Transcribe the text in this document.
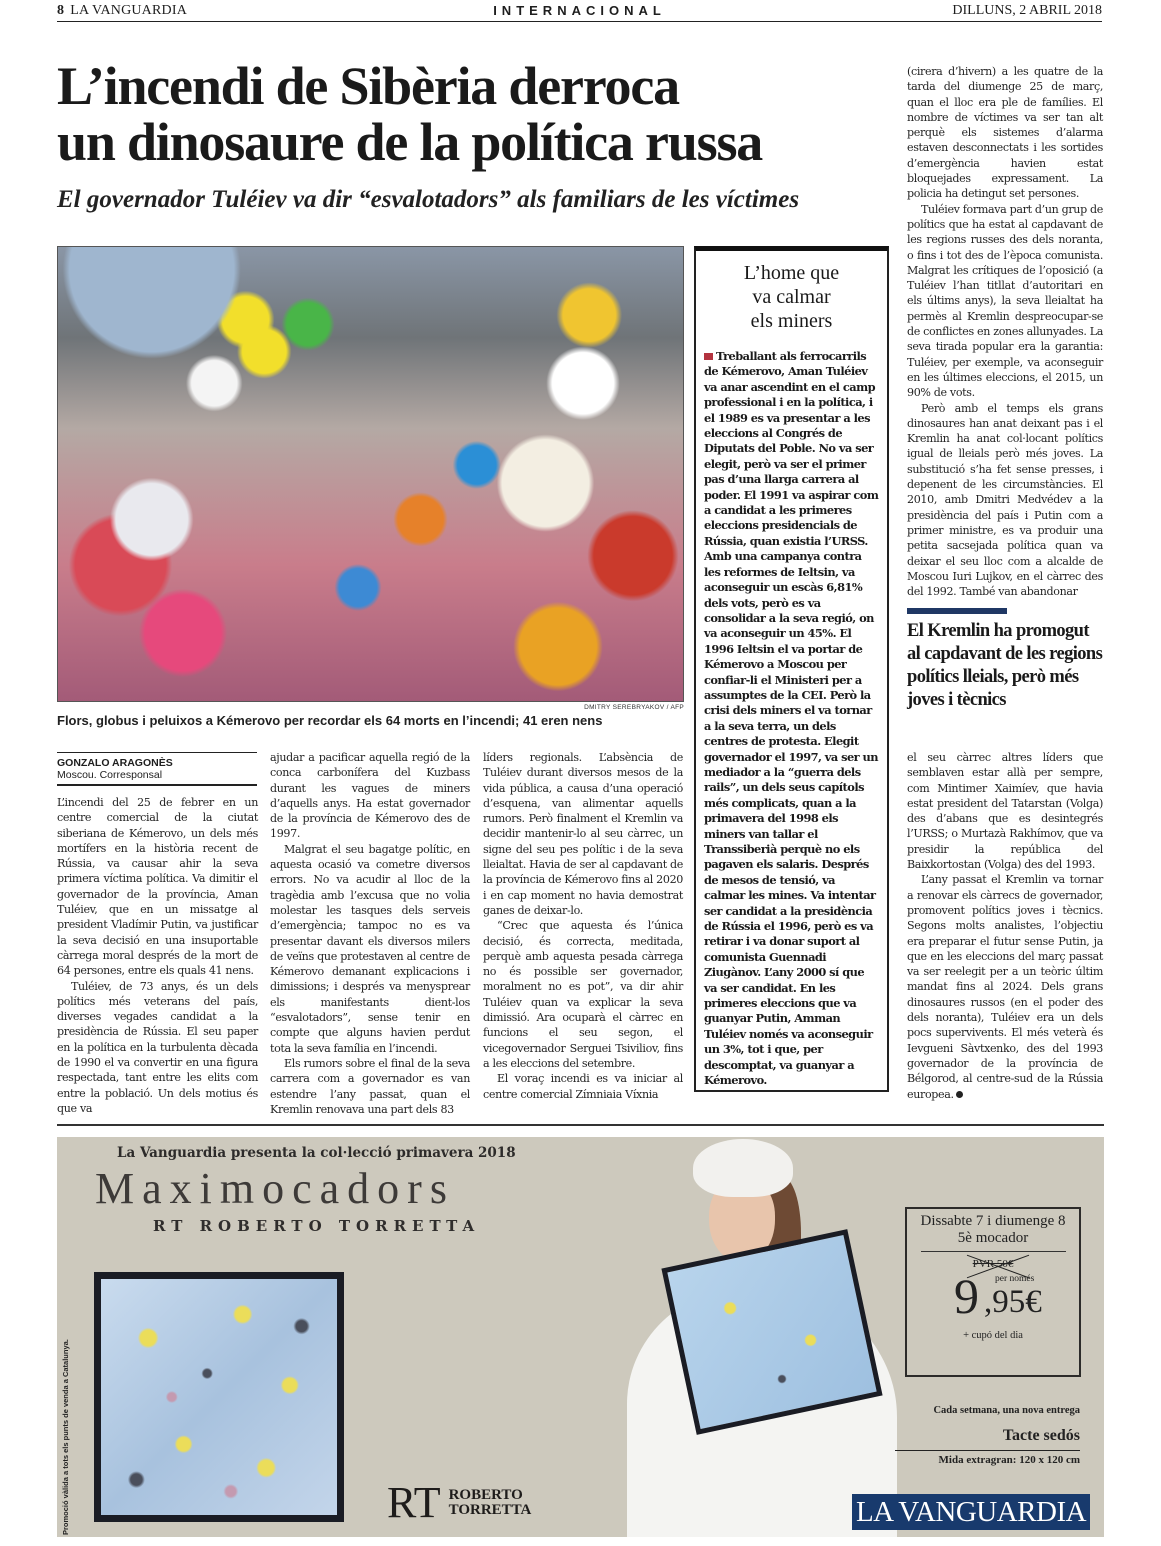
8 LA VANGUARDIA	INTERNACIONAL	DILLUNS, 2 ABRIL 2018
L’incendi de Sibèria derroca
un dinosaure de la política russa
El governador Tuléiev va dir “esvalotadors” als familiars de les víctimes
DMITRY SEREBRYAKOV / AFP
Flors, globus i peluixos a Kémerovo per recordar els 64 morts en l’incendi; 41 eren nens
GONZALO ARAGONÈS
Moscou. Corresponsal

L’incendi del 25 de febrer en un centre comercial de la ciutat siberiana de Kémerovo, un dels més mortífers en la història recent de Rússia, va causar ahir la seva primera víctima política. Va dimitir el governador de la província, Aman Tuléiev, que en un missatge al president Vladímir Putin, va justificar la seva decisió en una insuportable càrrega moral després de la mort de 64 persones, entre els quals 41 nens.

Tuléiev, de 73 anys, és un dels polítics més veterans del país, diverses vegades candidat a la presidència de Rússia. El seu paper en la política en la turbulenta dècada de 1990 el va convertir en una figura respectada, tant entre les elits com entre la població. Un dels motius és que va

ajudar a pacificar aquella regió de la conca carbonífera del Kuzbass durant les vagues de miners d’aquells anys. Ha estat governador de la província de Kémerovo des de 1997.

Malgrat el seu bagatge polític, en aquesta ocasió va cometre diversos errors. No va acudir al lloc de la tragèdia amb l’excusa que no volia molestar les tasques dels serveis d’emergència; tampoc no es va presentar davant els diversos milers de veïns que protestaven al centre de Kémerovo demanant explicacions i dimissions; i després va menysprear els manifestants dient-los “esvalotadors”, sense tenir en compte que alguns havien perdut tota la seva família en l’incendi.

Els rumors sobre el final de la seva carrera com a governador es van estendre l’any passat, quan el Kremlin renovava una part dels 83

líders regionals. L’absència de Tuléiev durant diversos mesos de la vida pública, a causa d’una operació d’esquena, van alimentar aquells rumors. Però finalment el Kremlin va decidir mantenir-lo al seu càrrec, un signe del seu pes polític i de la seva lleialtat. Havia de ser al capdavant de la província de Kémerovo fins al 2020 i en cap moment no havia demostrat ganes de deixar-lo.

“Crec que aquesta és l’única decisió, és correcta, meditada, perquè amb aquesta pesada càrrega no és possible ser governador, moralment no es pot”, va dir ahir Tuléiev quan va explicar la seva dimissió. Ara ocuparà el càrrec en funcions el seu segon, el vicegovernador Serguei Tsiviliov, fins a les eleccions del setembre.

El voraç incendi es va iniciar al centre comercial Zímniaia Víxnia

L’home que
va calmar
els miners
Treballant als ferrocarrils de Kémerovo, Aman Tuléiev va anar ascendint en el camp professional i en la política, i el 1989 es va presentar a les eleccions al Congrés de Diputats del Poble. No va ser elegit, però va ser el primer pas d’una llarga carrera al poder. El 1991 va aspirar com a candidat a les primeres eleccions presidencials de Rússia, quan existia l’URSS. Amb una campanya contra les reformes de Ieltsin, va aconseguir un escàs 6,81% dels vots, però es va consolidar a la seva regió, on va aconseguir un 45%. El 1996 Ieltsin el va portar de Kémerovo a Moscou per confiar-li el Ministeri per a assumptes de la CEI. Però la crisi dels miners el va tornar a la seva terra, un dels centres de protesta. Elegit governador el 1997, va ser un mediador a la “guerra dels rails”, un dels seus capítols més complicats, quan a la primavera del 1998 els miners van tallar el Transsiberià perquè no els pagaven els salaris. Després de mesos de tensió, va calmar les mines. Va intentar ser candidat a la presidència de Rússia el 1996, però es va retirar i va donar suport al comunista Guennadi Ziugànov. L’any 2000 sí que va ser candidat. En les primeres eleccions que va guanyar Putin, Amman Tuléiev només va aconseguir un 3%, tot i que, per descomptat, va guanyar a Kémerovo.

(cirera d’hivern) a les quatre de la tarda del diumenge 25 de març, quan el lloc era ple de famílies. El nombre de víctimes va ser tan alt perquè els sistemes d’alarma estaven desconnectats i les sortides d’emergència havien estat bloquejades expressament. La policia ha detingut set persones.

Tuléiev formava part d’un grup de polítics que ha estat al capdavant de les regions russes des dels noranta, o fins i tot des de l’època comunista. Malgrat les crítiques de l’oposició (a Tuléiev l’han titllat d’autoritari en els últims anys), la seva lleialtat ha permès al Kremlin despreocupar-se de conflictes en zones allunyades. La seva tirada popular era la garantia: Tuléiev, per exemple, va aconseguir en les últimes eleccions, el 2015, un 90% de vots.

Però amb el temps els grans dinosaures han anat deixant pas i el Kremlin ha anat col·locant polítics igual de lleials però més joves. La substitució s’ha fet sense presses, i depenent de les circumstàncies. El 2010, amb Dmitri Medvédev a la presidència del país i Putin com a primer ministre, es va produir una petita sacsejada política quan va deixar el seu lloc com a alcalde de Moscou Iuri Lujkov, en el càrrec des del 1992. També van abandonar

El Kremlin ha promogut al capdavant de les regions polítics lleials, però més joves i tècnics

el seu càrrec altres líders que semblaven estar allà per sempre, com Mintimer Xaimíev, que havia estat president del Tatarstan (Volga) des d’abans que es desintegrés l’URSS; o Murtazà Rakhímov, que va presidir la república del Baixkortostan (Volga) des del 1993.

L’any passat el Kremlin va tornar a renovar els càrrecs de governador, promovent polítics joves i tècnics. Segons molts analistes, l’objectiu era preparar el futur sense Putin, ja que en les eleccions del març passat va ser reelegit per a un teòric últim mandat fins al 2024. Dels grans dinosaures russos (en el poder des dels noranta), Tuléiev era un dels pocs supervivents. El més veterà és Ievgueni Sàvtxenko, des del 1993 governador de la província de Bélgorod, al centre-sud de la Rússia europea.

La Vanguardia presenta la col·lecció primavera 2018
Maximocadors
RT ROBERTO TORRETTA
Promoció vàlida a tots els punts de venda a Catalunya.	RT ROBERTO
TORRETTA
Dissabte 7 i diumenge 8
5è mocador
PVR 50€
9 per només
,95€
+ cupó del dia
Cada setmana, una nova entrega
Tacte sedós
Mida extragran: 120 x 120 cm
LA VANGUARDIA
